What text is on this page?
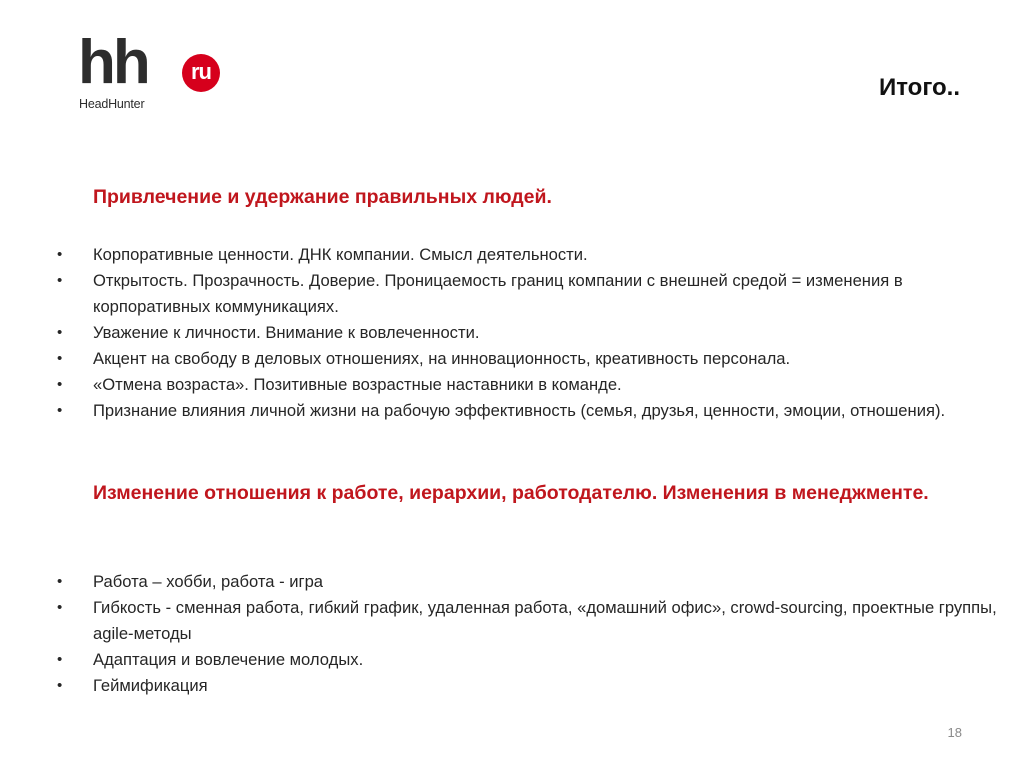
hh	ru
HeadHunter
Итого..
Привлечение и удержание правильных людей.
• Корпоративные ценности. ДНК компании. Смысл деятельности.
• Открытость. Прозрачность. Доверие. Проницаемость границ компании с внешней средой = изменения в корпоративных коммуникациях.
• Уважение к личности. Внимание к вовлеченности.
• Акцент на свободу в деловых отношениях, на инновационность, креативность персонала.
• «Отмена возраста». Позитивные возрастные наставники в команде.
• Признание влияния личной жизни на рабочую эффективность (семья, друзья, ценности, эмоции, отношения).
Изменение отношения к работе, иерархии, работодателю. Изменения в менеджменте.
• Работа – хобби, работа - игра
• Гибкость - сменная работа, гибкий график, удаленная работа, «домашний офис», crowd-sourcing, проектные группы, agile-методы
• Адаптация и вовлечение молодых.
• Геймификация
18
